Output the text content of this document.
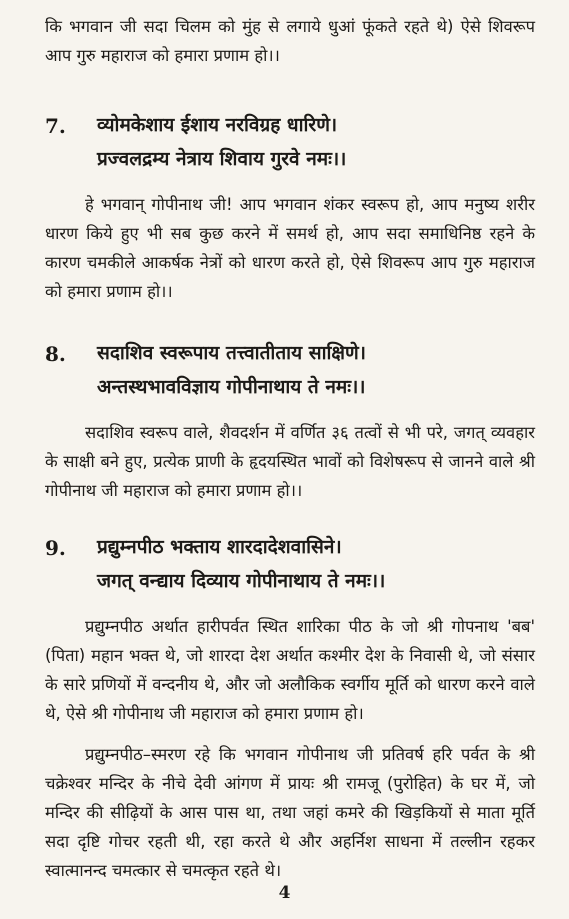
कि भगवान जी सदा चिलम को मुंह से लगाये धुआं फूंकते रहते थे) ऐसे शिवरूप आप गुरु महाराज को हमारा प्रणाम हो।।
7. व्योमकेशाय ईशाय नरविग्रह धारिणे।
प्रज्वलद्रम्य नेत्राय शिवाय गुरवे नमः।।
हे भगवान् गोपीनाथ जी! आप भगवान शंकर स्वरूप हो, आप मनुष्य शरीर धारण किये हुए भी सब कुछ करने में समर्थ हो, आप सदा समाधिनिष्ठ रहने के कारण चमकीले आकर्षक नेत्रों को धारण करते हो, ऐसे शिवरूप आप गुरु महाराज को हमारा प्रणाम हो।।
8. सदाशिव स्वरूपाय तत्त्वातीताय साक्षिणे।
अन्तस्थभावविज्ञाय गोपीनाथाय ते नमः।।
सदाशिव स्वरूप वाले, शैवदर्शन में वर्णित ३६ तत्वों से भी परे, जगत् व्यवहार के साक्षी बने हुए, प्रत्येक प्राणी के हृदयस्थित भावों को विशेषरूप से जानने वाले श्री गोपीनाथ जी महाराज को हमारा प्रणाम हो।।
9. प्रद्युम्नपीठ भक्ताय शारदादेशवासिने।
जगत् वन्द्याय दिव्याय गोपीनाथाय ते नमः।।
प्रद्युम्नपीठ अर्थात हारीपर्वत स्थित शारिका पीठ के जो श्री गोपनाथ 'बब' (पिता) महान भक्त थे, जो शारदा देश अर्थात कश्मीर देश के निवासी थे, जो संसार के सारे प्रणियों में वन्दनीय थे, और जो अलौकिक स्वर्गीय मूर्ति को धारण करने वाले थे, ऐसे श्री गोपीनाथ जी महाराज को हमारा प्रणाम हो।
प्रद्युम्नपीठ–स्मरण रहे कि भगवान गोपीनाथ जी प्रतिवर्ष हरि पर्वत के श्री चक्रेश्वर मन्दिर के नीचे देवी आंगण में प्रायः श्री रामजू (पुरोहित) के घर में, जो मन्दिर की सीढ़ियों के आस पास था, तथा जहां कमरे की खिड़कियों से माता मूर्ति सदा दृष्टि गोचर रहती थी, रहा करते थे और अहर्निश साधना में तल्लीन रहकर स्वात्मानन्द चमत्कार से चमत्कृत रहते थे।
4
